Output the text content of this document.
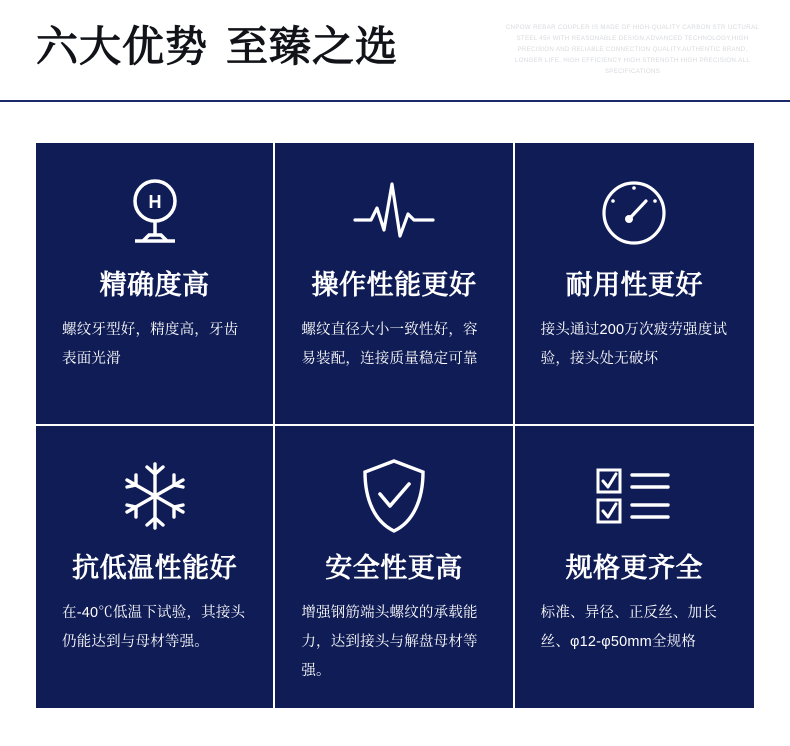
六大优势 至臻之选	CNPOW REBAR COUPLER IS MADE OF HIGH-QUALITY CARBON STR UCTURAL STEEL 45# WITH REASONABLE DESIGN,ADVANCED TECHNOLOGY,HIGH PRECISION AND RELIABLE CONNECTION QUALITY.AUTHENTIC BRAND, LONGER LIFE, HIGH EFFICIENCY HIGH STRENGTH HIGH PRECISION.ALL SPECIFICATIONS
H
精确度高
螺纹牙型好，精度高，牙齿表面光滑
操作性能更好
螺纹直径大小一致性好，容易装配，连接质量稳定可靠
耐用性更好
接头通过200万次疲劳强度试验，接头处无破坏
抗低温性能好
在-40℃低温下试验，其接头仍能达到与母材等强。
安全性更高
增强钢筋端头螺纹的承载能力，达到接头与解盘母材等强。
规格更齐全
标准、异径、正反丝、加长丝、φ12-φ50mm全规格
